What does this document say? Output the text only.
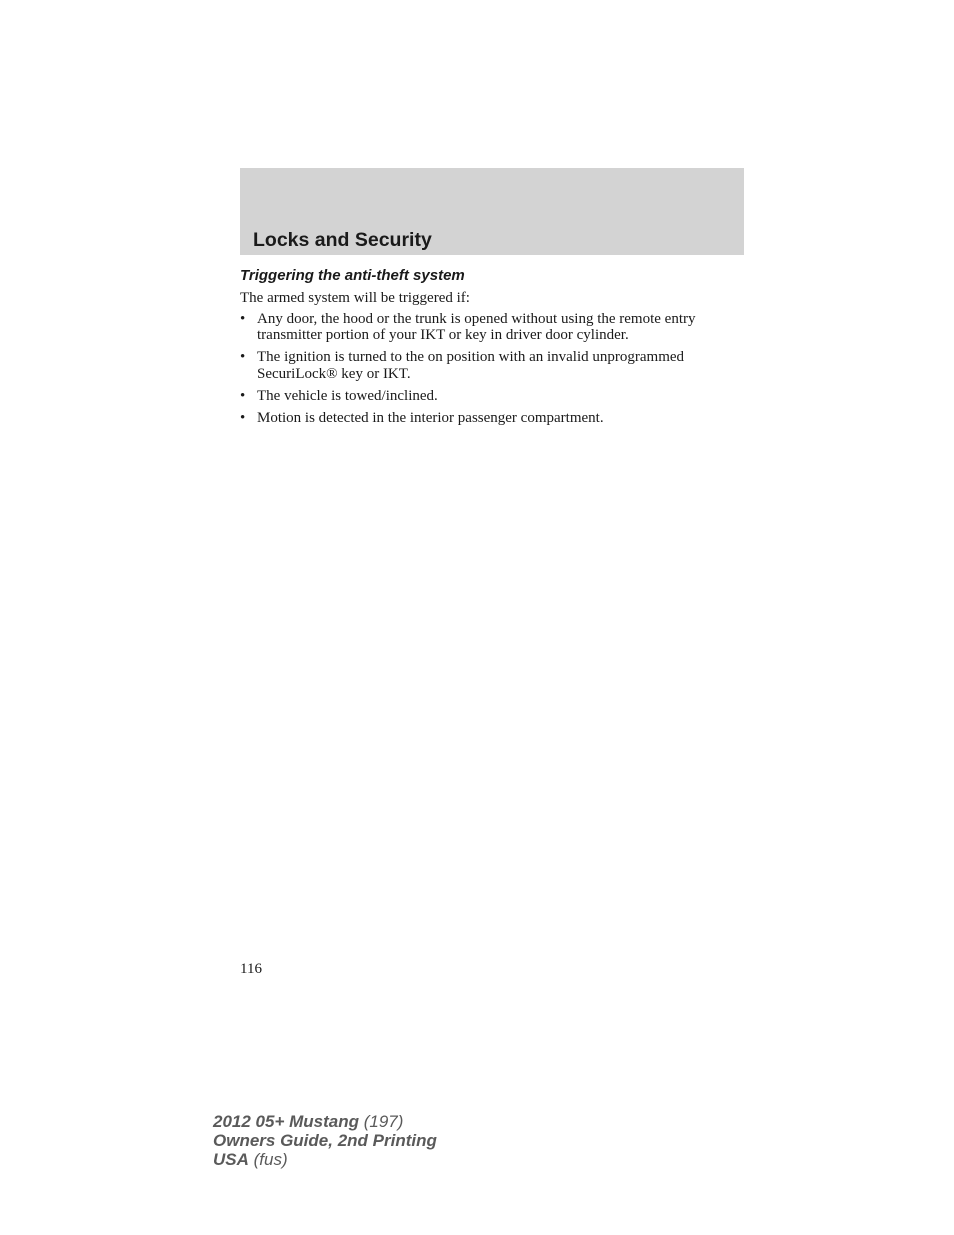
Locks and Security
Triggering the anti-theft system

The armed system will be triggered if:

• Any door, the hood or the trunk is opened without using the remote entry transmitter portion of your IKT or key in driver door cylinder.
• The ignition is turned to the on position with an invalid unprogrammed SecuriLock® key or IKT.
• The vehicle is towed/inclined.
• Motion is detected in the interior passenger compartment.

116

2012 05+ Mustang (197)
Owners Guide, 2nd Printing
USA (fus)
